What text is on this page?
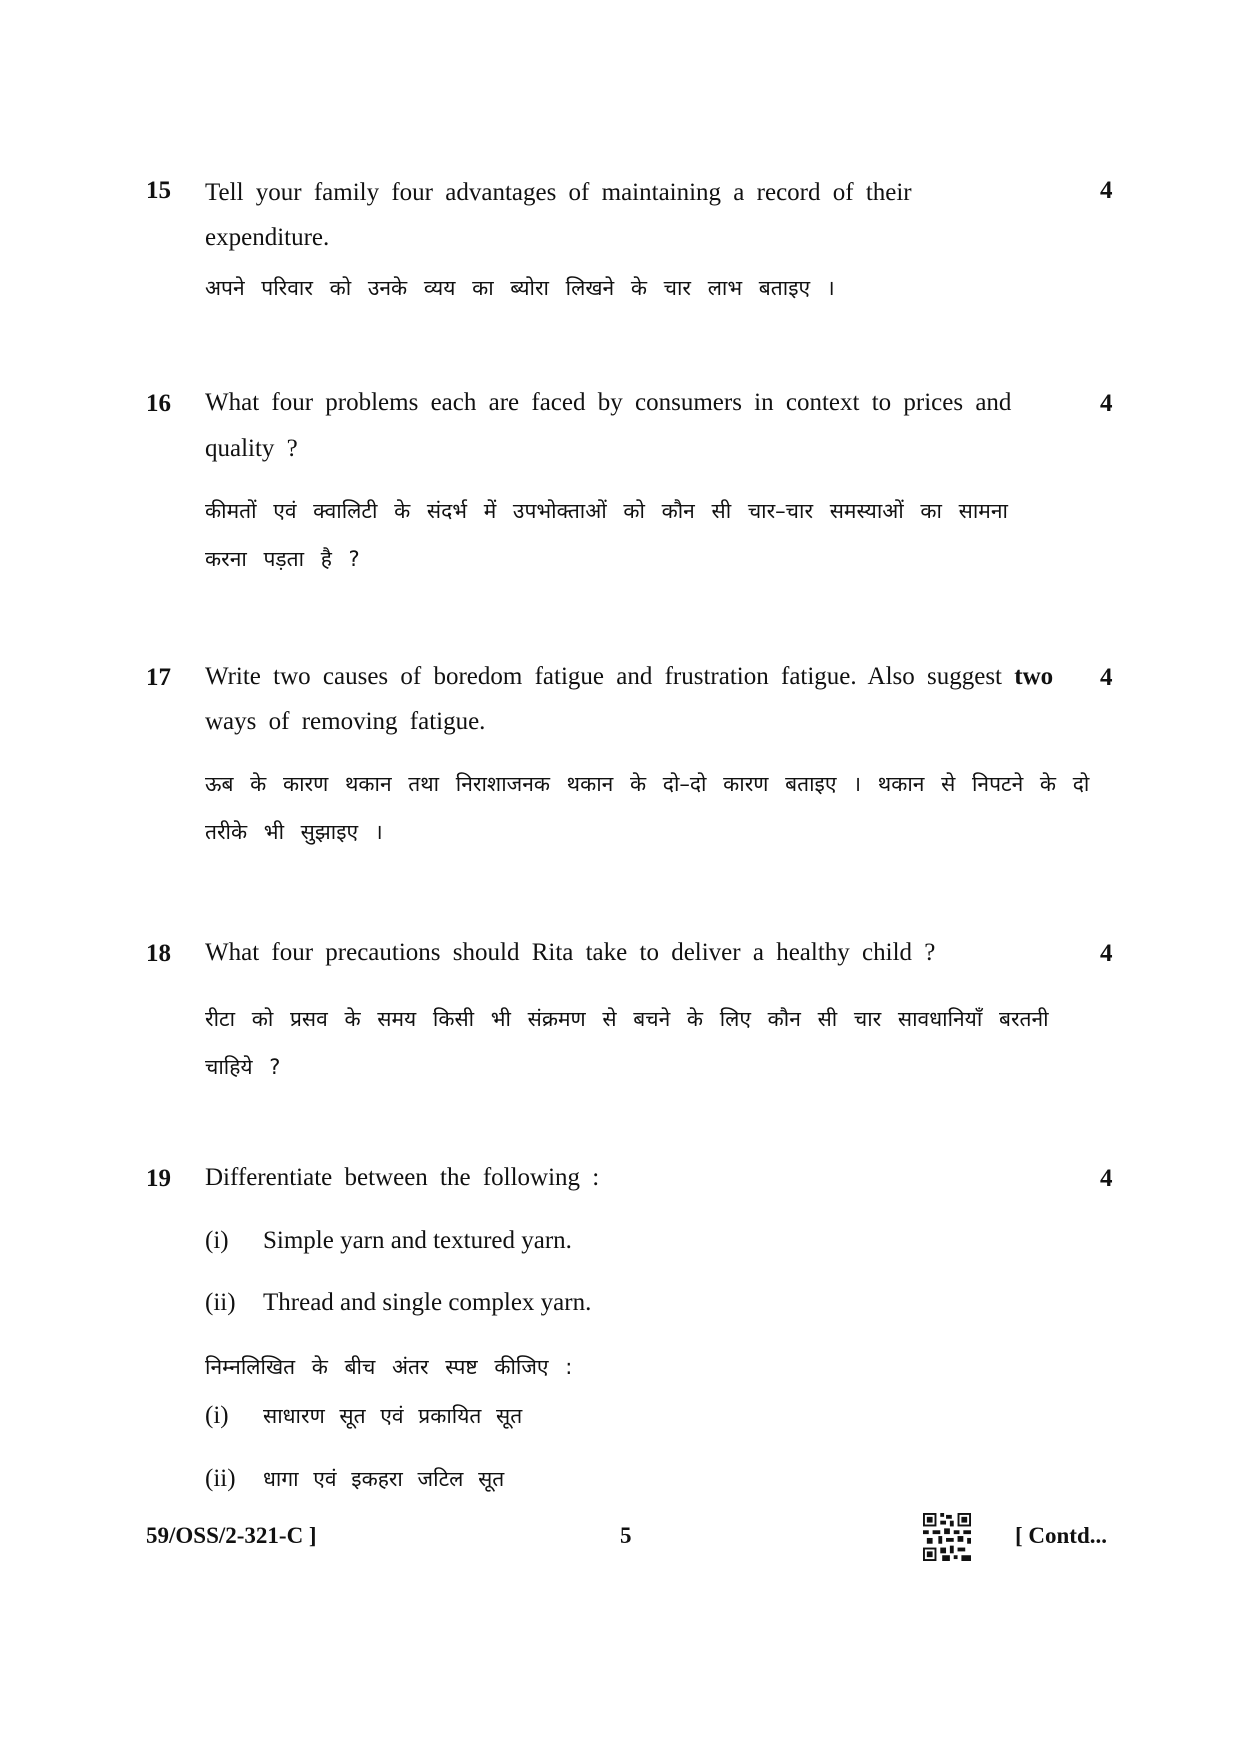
15	4
Tell your family four advantages of maintaining a record of their expenditure.
अपने परिवार को उनके व्यय का ब्योरा लिखने के चार लाभ बताइए ।
16	4
What four problems each are faced by consumers in context to prices and quality ?
कीमतों एवं क्वालिटी के संदर्भ में उपभोक्ताओं को कौन सी चार–चार समस्याओं का सामना करना पड़ता है ?
17	4
Write two causes of boredom fatigue and frustration fatigue. Also suggest two ways of removing fatigue.
ऊब के कारण थकान तथा निराशाजनक थकान के दो–दो कारण बताइए । थकान से निपटने के दो तरीके भी सुझाइए ।
18	4
What four precautions should Rita take to deliver a healthy child ?
रीटा को प्रसव के समय किसी भी संक्रमण से बचने के लिए कौन सी चार सावधानियाँ बरतनी चाहिये ?
19	4
Differentiate between the following :
(i) Simple yarn and textured yarn.
(ii) Thread and single complex yarn.
निम्नलिखित के बीच अंतर स्पष्ट कीजिए :
(i) साधारण सूत एवं प्रकायित सूत
(ii) धागा एवं इकहरा जटिल सूत
59/OSS/2-321-C ]	5	[ Contd...
